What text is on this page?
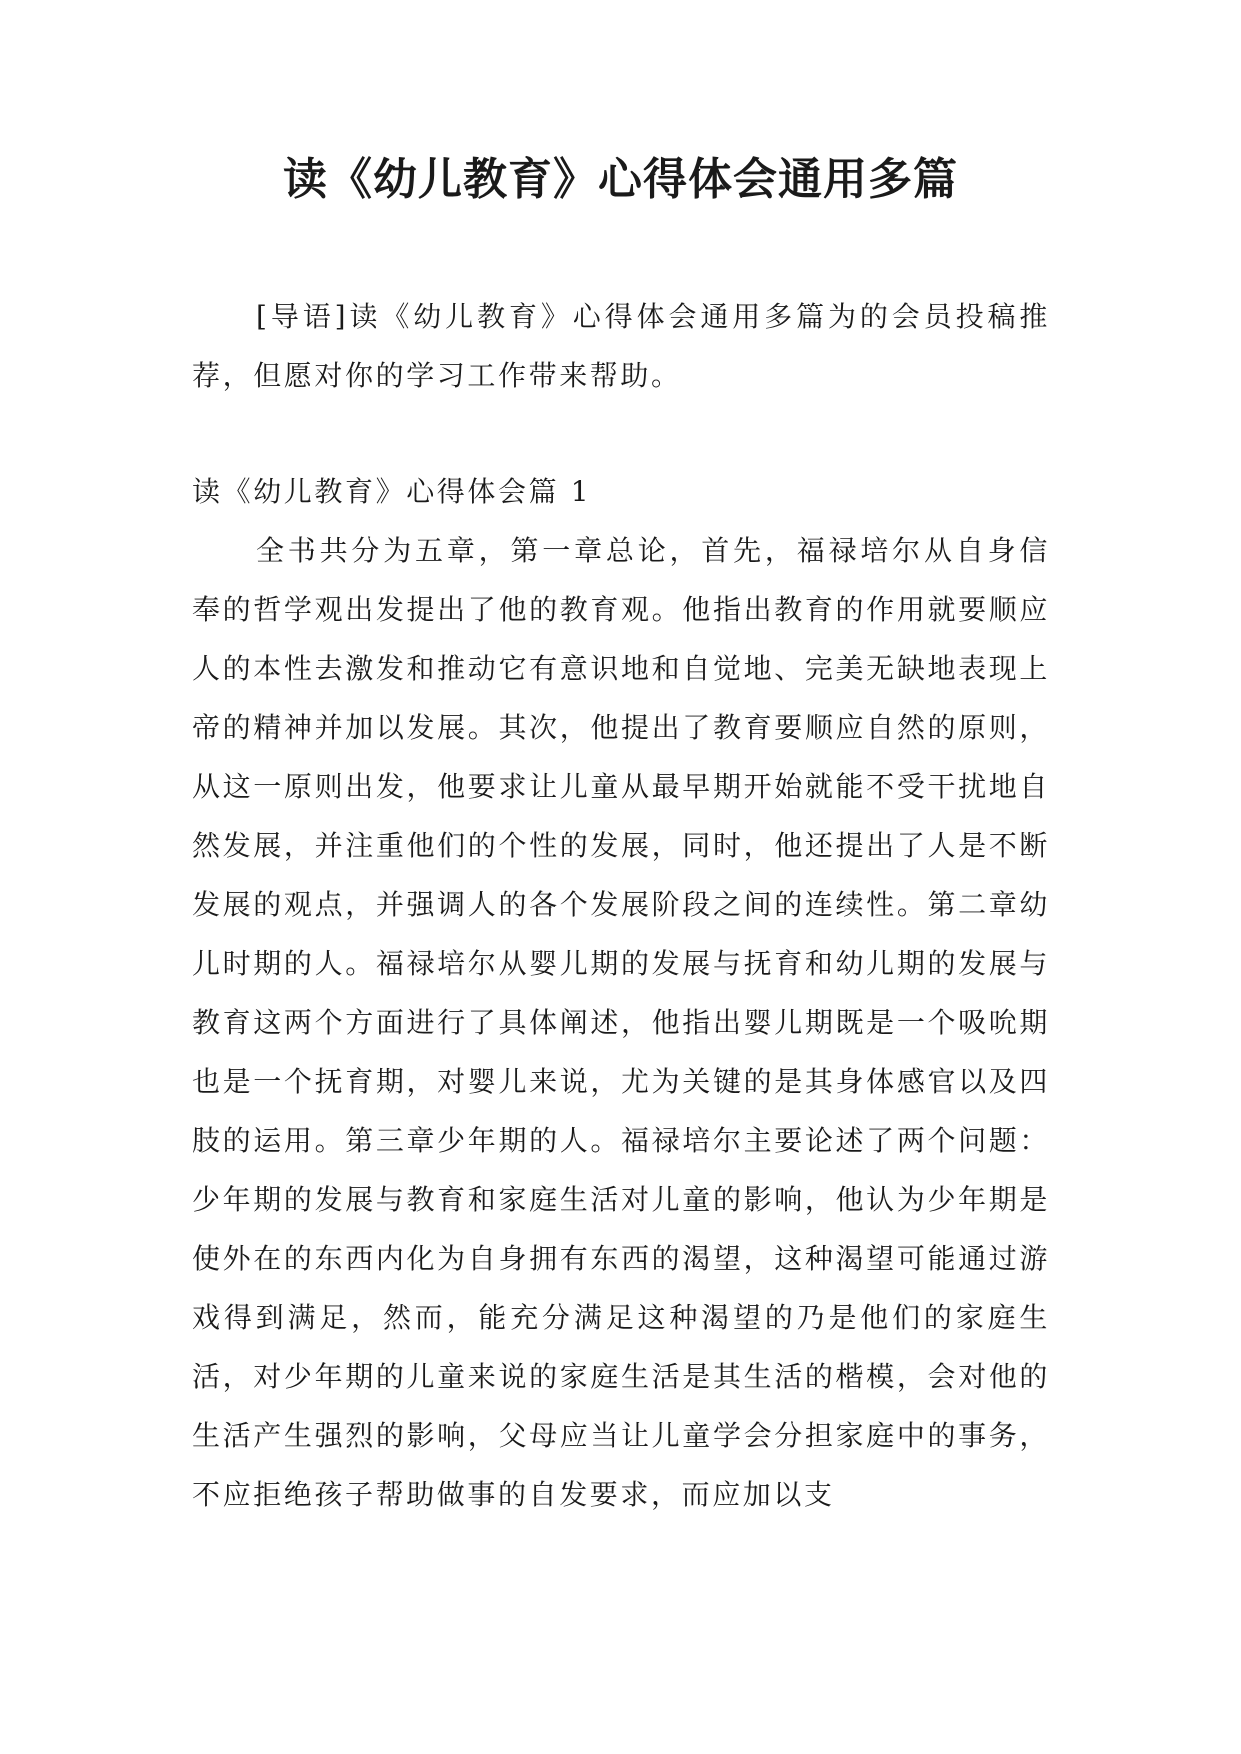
读《幼儿教育》心得体会通用多篇
[导语]读《幼儿教育》心得体会通用多篇为的会员投稿推荐，但愿对你的学习工作带来帮助。
读《幼儿教育》心得体会篇 1
全书共分为五章，第一章总论，首先，福禄培尔从自身信奉的哲学观出发提出了他的教育观。他指出教育的作用就要顺应人的本性去激发和推动它有意识地和自觉地、完美无缺地表现上帝的精神并加以发展。其次，他提出了教育要顺应自然的原则，从这一原则出发，他要求让儿童从最早期开始就能不受干扰地自然发展，并注重他们的个性的发展，同时，他还提出了人是不断发展的观点，并强调人的各个发展阶段之间的连续性。第二章幼儿时期的人。福禄培尔从婴儿期的发展与抚育和幼儿期的发展与教育这两个方面进行了具体阐述，他指出婴儿期既是一个吸吮期也是一个抚育期，对婴儿来说，尤为关键的是其身体感官以及四肢的运用。第三章少年期的人。福禄培尔主要论述了两个问题：少年期的发展与教育和家庭生活对儿童的影响，他认为少年期是使外在的东西内化为自身拥有东西的渴望，这种渴望可能通过游戏得到满足，然而，能充分满足这种渴望的乃是他们的家庭生活，对少年期的儿童来说的家庭生活是其生活的楷模，会对他的生活产生强烈的影响，父母应当让儿童学会分担家庭中的事务，不应拒绝孩子帮助做事的自发要求，而应加以支
